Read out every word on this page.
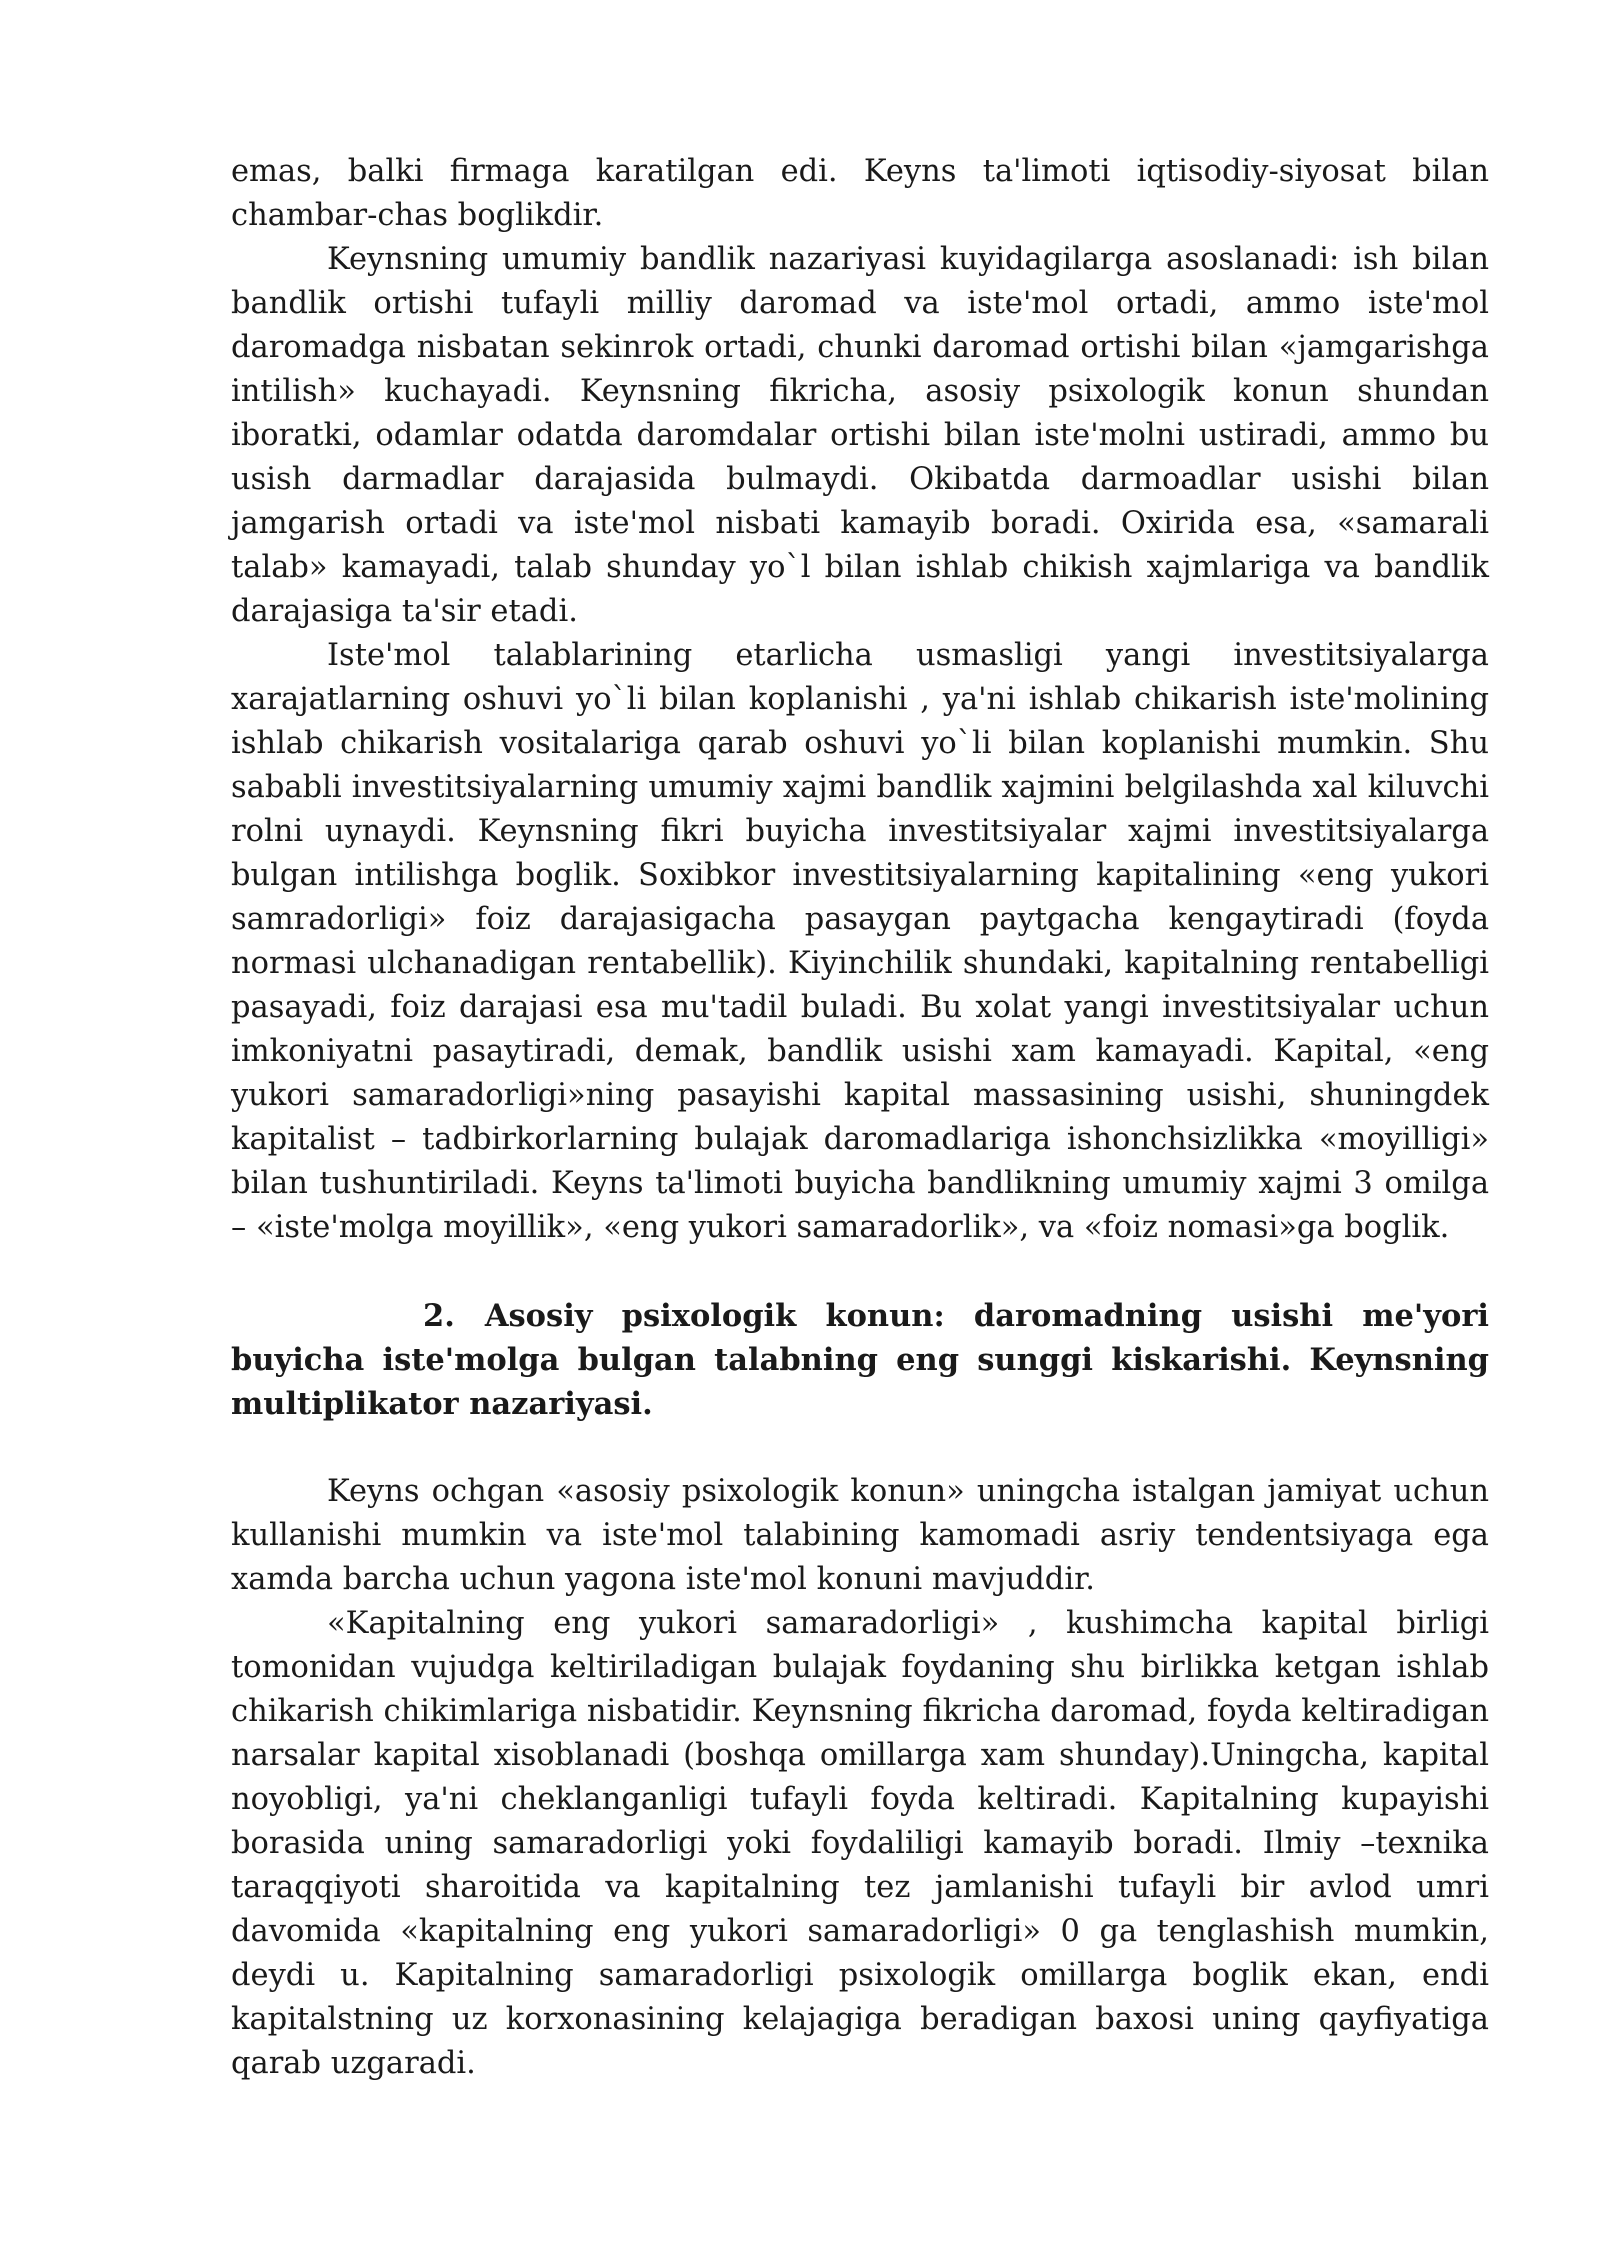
emas, balki firmaga karatilgan edi. Keyns ta'limoti iqtisodiy-siyosat bilan chambar-chas boglikdir.

Keynsning umumiy bandlik nazariyasi kuyidagilarga asoslanadi: ish bilan bandlik ortishi tufayli milliy daromad va iste'mol ortadi, ammo iste'mol daromadga nisbatan sekinrok ortadi, chunki daromad ortishi bilan «jamgarishga intilish» kuchayadi. Keynsning fikricha, asosiy psixologik konun shundan iboratki, odamlar odatda daromdalar ortishi bilan iste'molni ustiradi, ammo bu usish darmadlar darajasida bulmaydi. Okibatda darmoadlar usishi bilan jamgarish ortadi va iste'mol nisbati kamayib boradi. Oxirida esa, «samarali talab» kamayadi, talab shunday yo`l bilan ishlab chikish xajmlariga va bandlik darajasiga ta'sir etadi.

Iste'mol talablarining etarlicha usmasligi yangi investitsiyalarga xarajatlarning oshuvi yo`li bilan koplanishi , ya'ni ishlab chikarish iste'molining ishlab chikarish vositalariga qarab oshuvi yo`li bilan koplanishi mumkin. Shu sababli investitsiyalarning umumiy xajmi bandlik xajmini belgilashda xal kiluvchi rolni uynaydi. Keynsning fikri buyicha investitsiyalar xajmi investitsiyalarga bulgan intilishga boglik. Soxibkor investitsiyalarning kapitalining «eng yukori samradorligi» foiz darajasigacha pasaygan paytgacha kengaytiradi (foyda normasi ulchanadigan rentabellik). Kiyinchilik shundaki, kapitalning rentabelligi pasayadi, foiz darajasi esa mu'tadil buladi. Bu xolat yangi investitsiyalar uchun imkoniyatni pasaytiradi, demak, bandlik usishi xam kamayadi. Kapital, «eng yukori samaradorligi»ning pasayishi kapital massasining usishi, shuningdek kapitalist – tadbirkorlarning bulajak daromadlariga ishonchsizlikka «moyilligi» bilan tushuntiriladi. Keyns ta'limoti buyicha bandlikning umumiy xajmi 3 omilga – «iste'molga moyillik», «eng yukori samaradorlik», va «foiz nomasi»ga boglik.

2. Asosiy psixologik konun: daromadning usishi me'yori buyicha iste'molga bulgan talabning eng sunggi kiskarishi. Keynsning multiplikator nazariyasi.

Keyns ochgan «asosiy psixologik konun» uningcha istalgan jamiyat uchun kullanishi mumkin va iste'mol talabining kamomadi asriy tendentsiyaga ega xamda barcha uchun yagona iste'mol konuni mavjuddir.

«Kapitalning eng yukori samaradorligi» , kushimcha kapital birligi tomonidan vujudga keltiriladigan bulajak foydaning shu birlikka ketgan ishlab chikarish chikimlariga nisbatidir. Keynsning fikricha daromad, foyda keltiradigan narsalar kapital xisoblanadi (boshqa omillarga xam shunday).Uningcha, kapital noyobligi, ya'ni cheklanganligi tufayli foyda keltiradi. Kapitalning kupayishi borasida uning samaradorligi yoki foydaliligi kamayib boradi. Ilmiy –texnika taraqqiyoti sharoitida va kapitalning tez jamlanishi tufayli bir avlod umri davomida «kapitalning eng yukori samaradorligi» 0 ga tenglashish mumkin, deydi u. Kapitalning samaradorligi psixologik omillarga boglik ekan, endi kapitalstning uz korxonasining kelajagiga beradigan baxosi uning qayfiyatiga qarab uzgaradi.
